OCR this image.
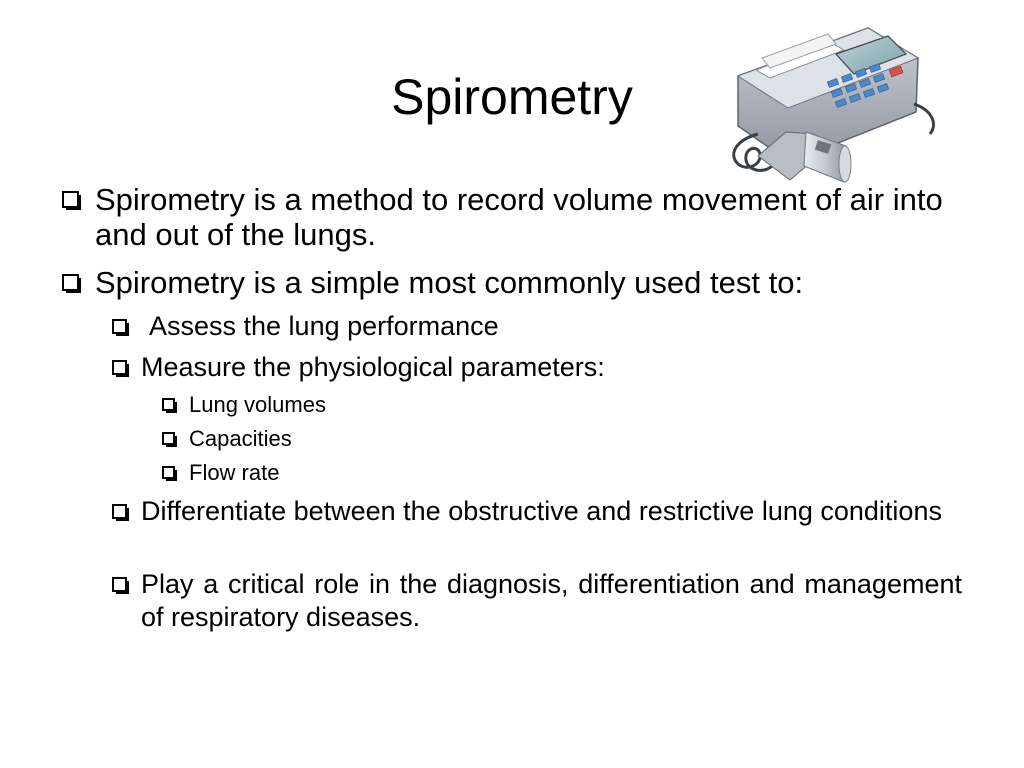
Spirometry
Spirometry is a method to record volume movement of air into and out of the lungs.
Spirometry is a simple most commonly used test to:
Assess the lung performance
Measure the physiological parameters:
Lung volumes
Capacities
Flow rate
Differentiate between the obstructive and restrictive lung conditions
Play a critical role in the diagnosis, differentiation and management of respiratory diseases.
